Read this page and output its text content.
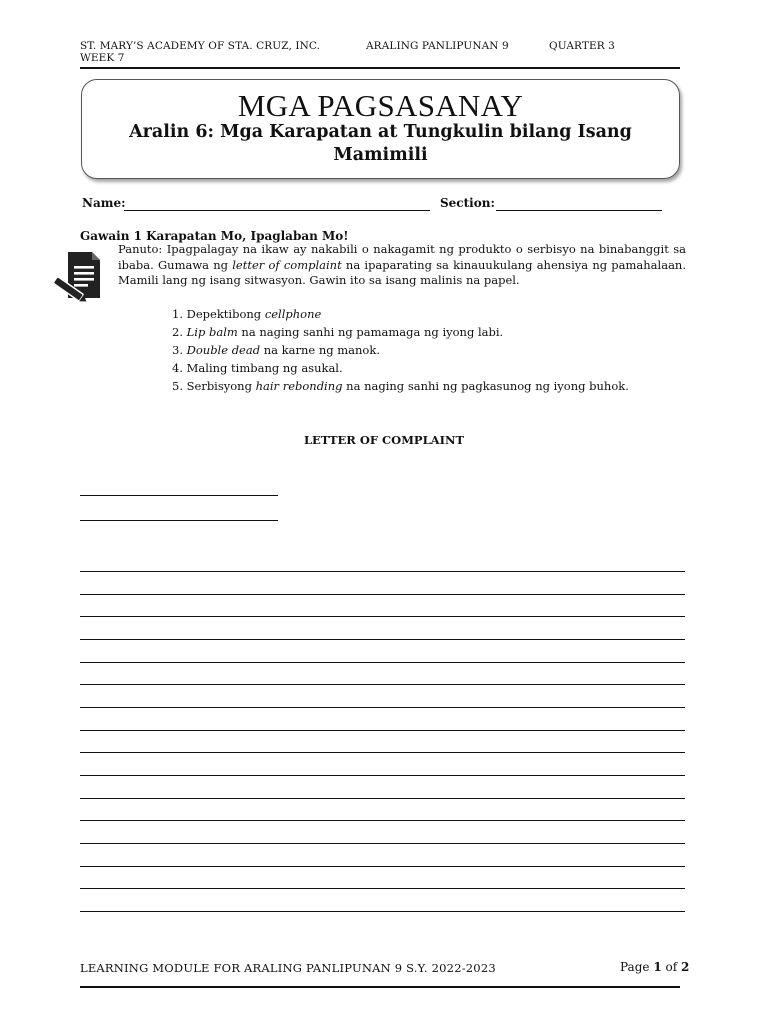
ST. MARY’S ACADEMY OF STA. CRUZ, INC.	ARALING PANLIPUNAN 9	QUARTER 3
WEEK 7
MGA PAGSASANAY
Aralin 6: Mga Karapatan at Tungkulin bilang Isang Mamimili
Name:	Section:
Gawain 1 Karapatan Mo, Ipaglaban Mo!
Panuto: Ipagpalagay na ikaw ay nakabili o nakagamit ng produkto o serbisyo na binabanggit sa ibaba. Gumawa ng letter of complaint na ipaparating sa kinauukulang ahensiya ng pamahalaan. Mamili lang ng isang sitwasyon. Gawin ito sa isang malinis na papel.
1. Depektibong cellphone
2. Lip balm na naging sanhi ng pamamaga ng iyong labi.
3. Double dead na karne ng manok.
4. Maling timbang ng asukal.
5. Serbisyong hair rebonding na naging sanhi ng pagkasunog ng iyong buhok.
LETTER OF COMPLAINT
LEARNING MODULE FOR ARALING PANLIPUNAN 9 S.Y. 2022-2023	Page 1 of 2
